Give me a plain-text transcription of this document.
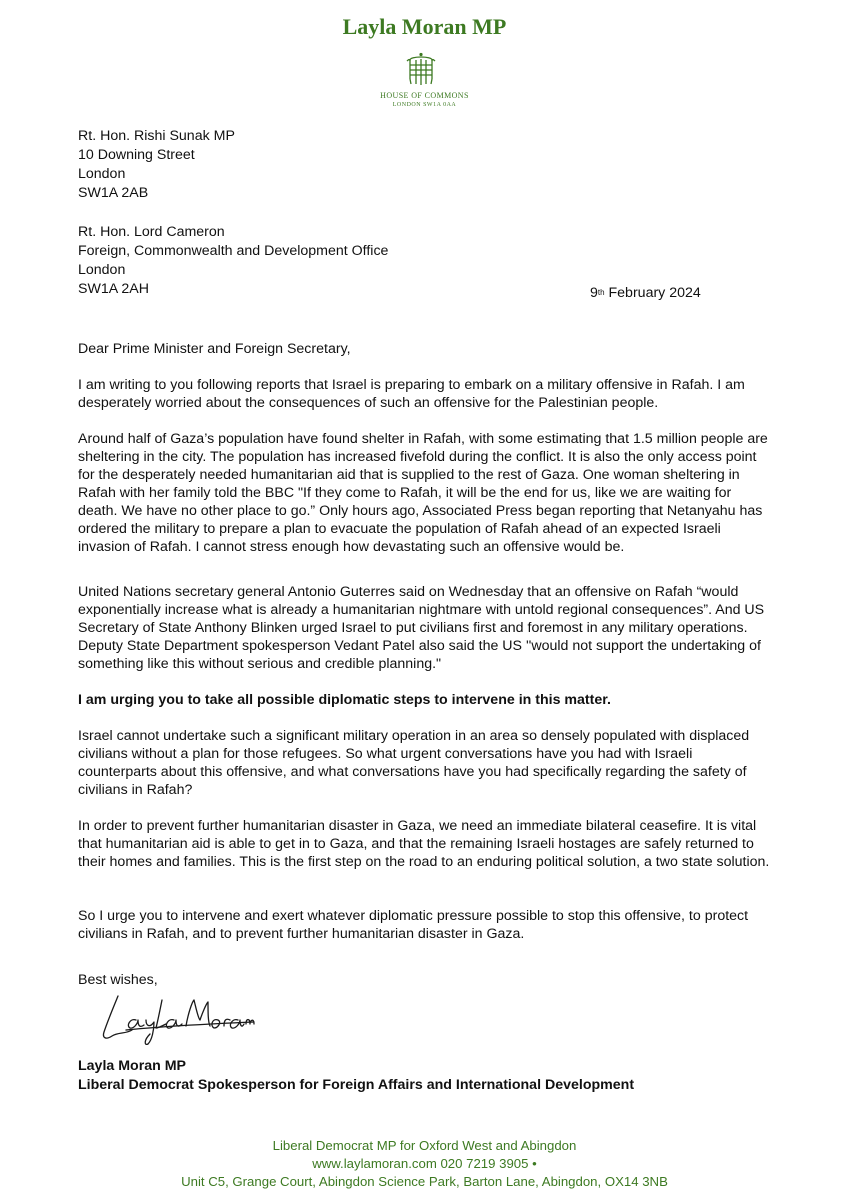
Layla Moran MP
HOUSE OF COMMONS
LONDON SW1A 0AA
Rt. Hon. Rishi Sunak MP
10 Downing Street
London
SW1A 2AB
Rt. Hon. Lord Cameron
Foreign, Commonwealth and Development Office
London
SW1A 2AH	9th February 2024

Dear Prime Minister and Foreign Secretary,

I am writing to you following reports that Israel is preparing to embark on a military offensive in Rafah. I am desperately worried about the consequences of such an offensive for the Palestinian people.

Around half of Gaza’s population have found shelter in Rafah, with some estimating that 1.5 million people are sheltering in the city. The population has increased fivefold during the conflict. It is also the only access point for the desperately needed humanitarian aid that is supplied to the rest of Gaza. One woman sheltering in Rafah with her family told the BBC "If they come to Rafah, it will be the end for us, like we are waiting for death. We have no other place to go.” Only hours ago, Associated Press began reporting that Netanyahu has ordered the military to prepare a plan to evacuate the population of Rafah ahead of an expected Israeli invasion of Rafah. I cannot stress enough how devastating such an offensive would be.

United Nations secretary general Antonio Guterres said on Wednesday that an offensive on Rafah “would exponentially increase what is already a humanitarian nightmare with untold regional consequences”. And US Secretary of State Anthony Blinken urged Israel to put civilians first and foremost in any military operations. Deputy State Department spokesperson Vedant Patel also said the US ''would not support the undertaking of something like this without serious and credible planning."

I am urging you to take all possible diplomatic steps to intervene in this matter.

Israel cannot undertake such a significant military operation in an area so densely populated with displaced civilians without a plan for those refugees. So what urgent conversations have you had with Israeli counterparts about this offensive, and what conversations have you had specifically regarding the safety of civilians in Rafah?

In order to prevent further humanitarian disaster in Gaza, we need an immediate bilateral ceasefire. It is vital that humanitarian aid is able to get in to Gaza, and that the remaining Israeli hostages are safely returned to their homes and families. This is the first step on the road to an enduring political solution, a two state solution.

So I urge you to intervene and exert whatever diplomatic pressure possible to stop this offensive, to protect civilians in Rafah, and to prevent further humanitarian disaster in Gaza.

Best wishes,

Layla Moran MP
Liberal Democrat Spokesperson for Foreign Affairs and International Development
Liberal Democrat MP for Oxford West and Abingdon
www.laylamoran.com 020 7219 3905 •
Unit C5, Grange Court, Abingdon Science Park, Barton Lane, Abingdon, OX14 3NB
